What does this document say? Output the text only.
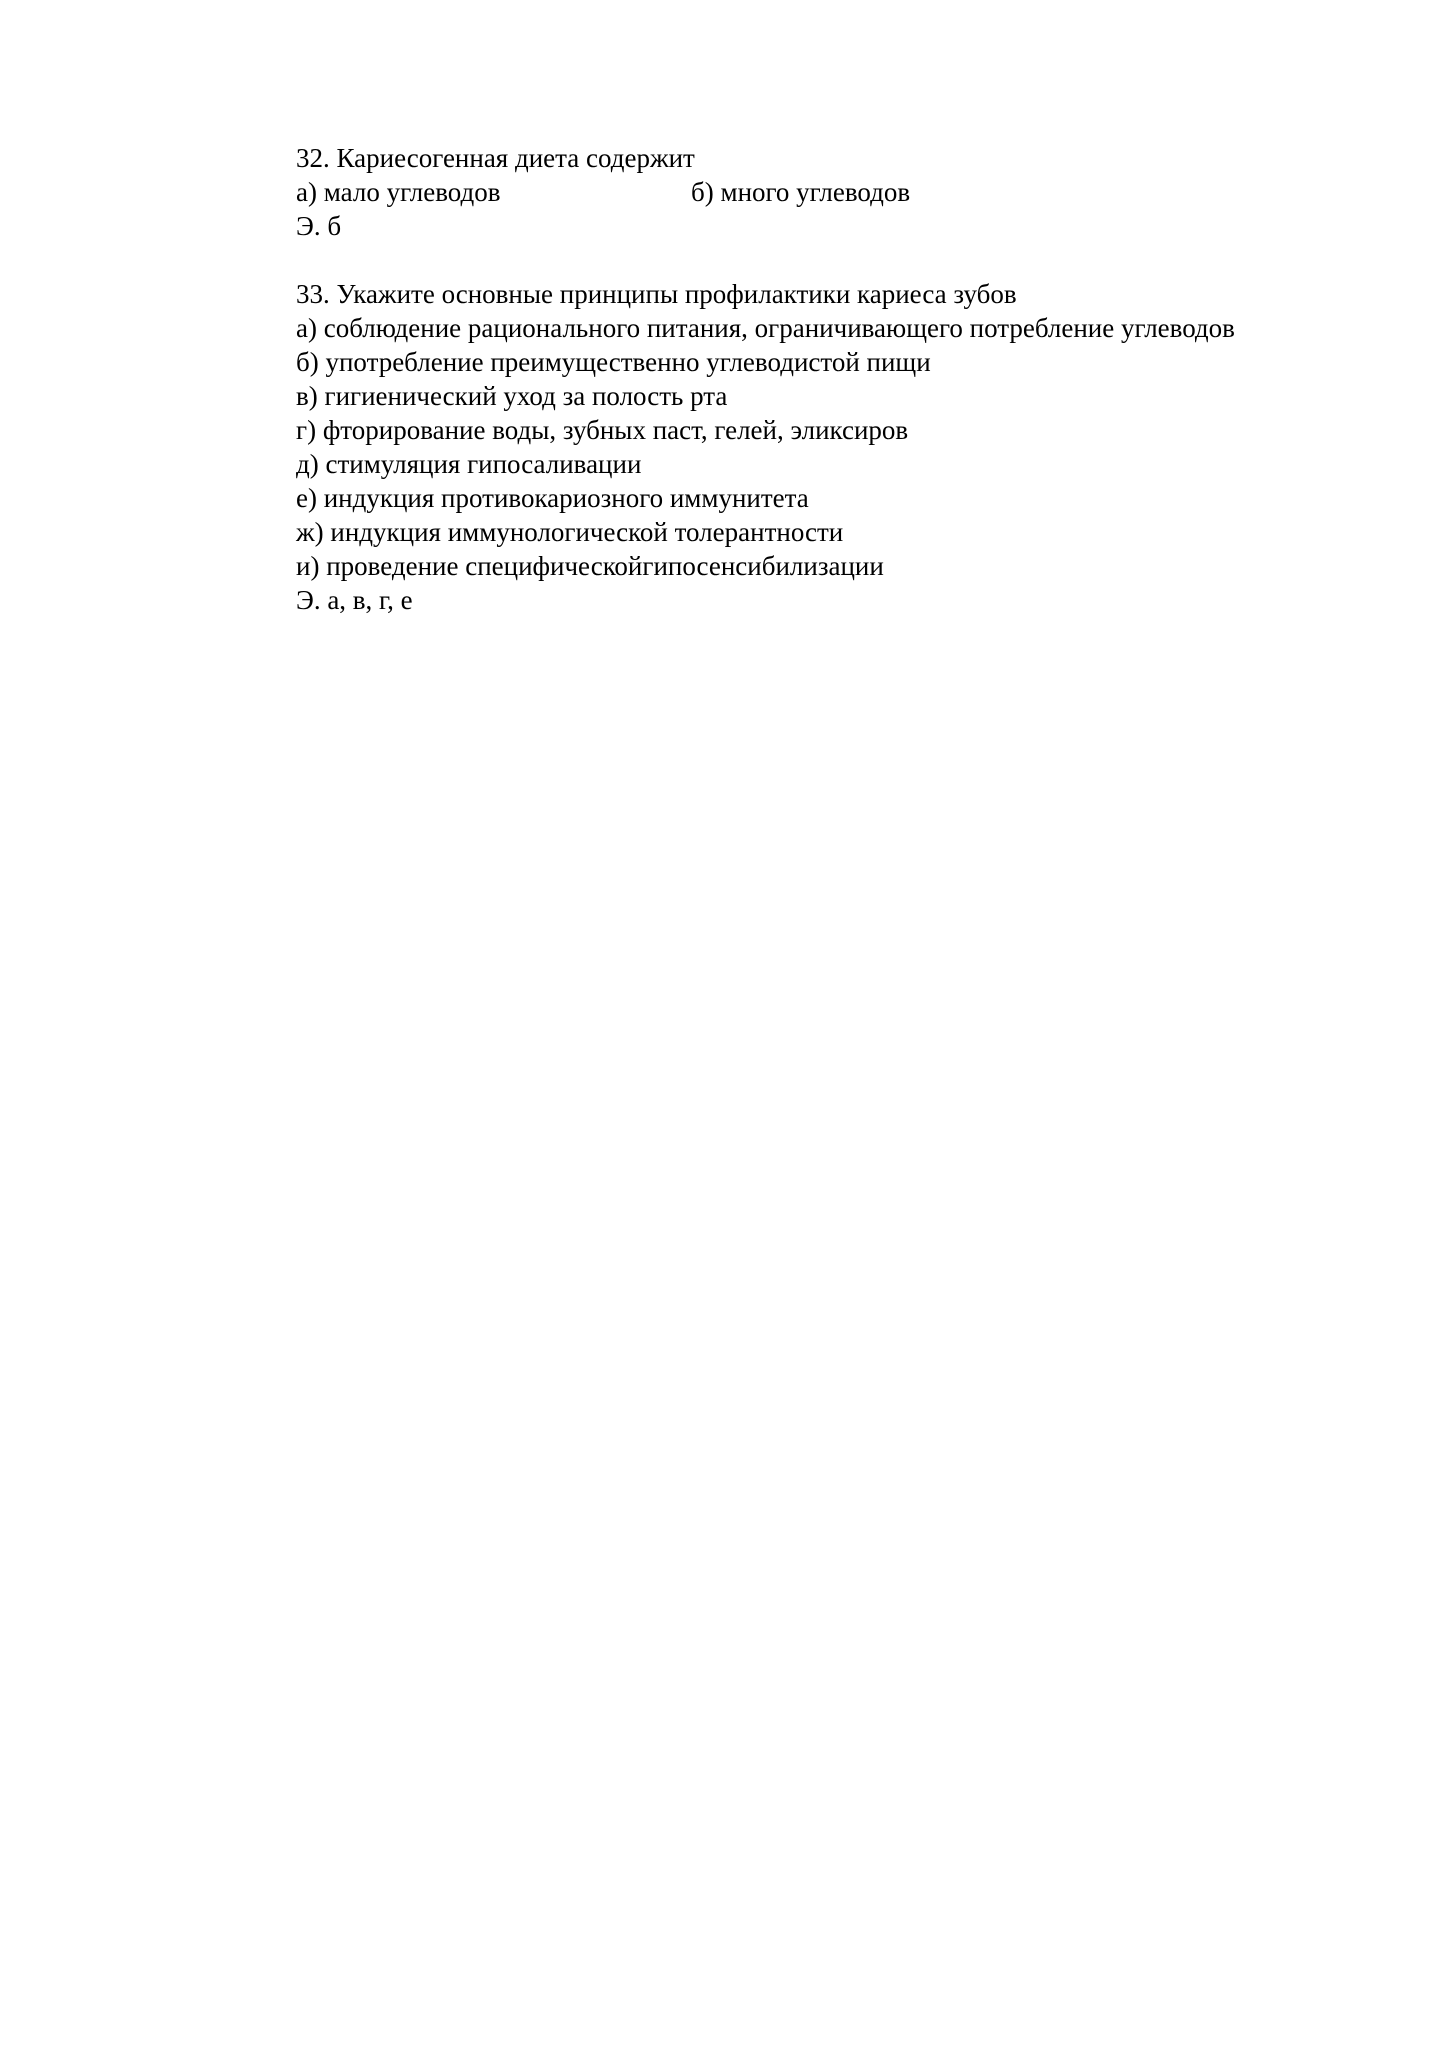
32. Кариесогенная диета содержит
а) мало углеводов	б) много углеводов
Э. б
33. Укажите основные принципы профилактики кариеса зубов
а) соблюдение рационального питания, ограничивающего потребление углеводов
б) употребление преимущественно углеводистой пищи
в) гигиенический уход за полость рта
г) фторирование воды, зубных паст, гелей, эликсиров
д) стимуляция гипосаливации
е) индукция противокариозного иммунитета
ж) индукция иммунологической толерантности
и) проведение специфическойгипосенсибилизации
Э. а, в, г, е
